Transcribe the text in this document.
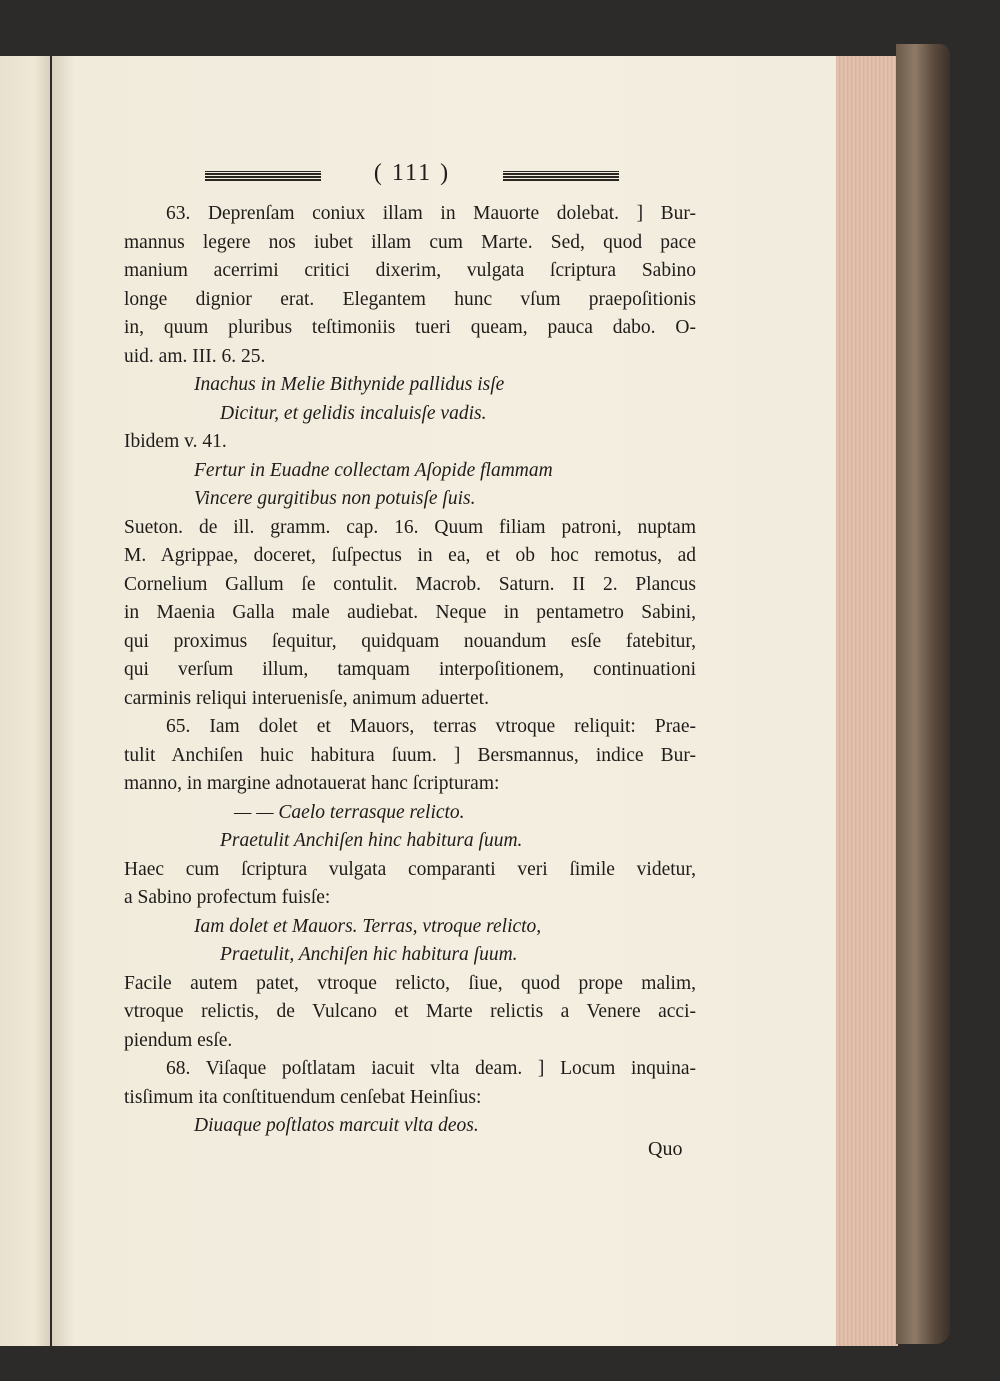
( 111 )
63. Deprenſam coniux illam in Mauorte dolebat. ] Bur-
mannus legere nos iubet illam cum Marte. Sed, quod pace
manium acerrimi critici dixerim, vulgata ſcriptura Sabino
longe dignior erat. Elegantem hunc vſum praepoſitionis
in, quum pluribus teſtimoniis tueri queam, pauca dabo. O-
uid. am. III. 6. 25.
Inachus in Melie Bithynide pallidus isſe
Dicitur, et gelidis incaluisſe vadis.
Ibidem v. 41.
Fertur in Euadne collectam Aſopide flammam
Vincere gurgitibus non potuisſe ſuis.
Sueton. de ill. gramm. cap. 16. Quum filiam patroni, nuptam
M. Agrippae, doceret, ſuſpectus in ea, et ob hoc remotus, ad
Cornelium Gallum ſe contulit. Macrob. Saturn. II 2. Plancus
in Maenia Galla male audiebat. Neque in pentametro Sabini,
qui proximus ſequitur, quidquam nouandum esſe fatebitur,
qui verſum illum, tamquam interpoſitionem, continuationi
carminis reliqui interuenisſe, animum aduertet.
65. Iam dolet et Mauors, terras vtroque reliquit: Prae-
tulit Anchiſen huic habitura ſuum. ] Bersmannus, indice Bur-
manno, in margine adnotauerat hanc ſcripturam:
— — Caelo terrasque relicto.
Praetulit Anchiſen hinc habitura ſuum.
Haec cum ſcriptura vulgata comparanti veri ſimile videtur,
a Sabino profectum fuisſe:
Iam dolet et Mauors. Terras, vtroque relicto,
Praetulit, Anchiſen hic habitura ſuum.
Facile autem patet, vtroque relicto, ſiue, quod prope malim,
vtroque relictis, de Vulcano et Marte relictis a Venere acci-
piendum esſe.
68. Viſaque poſtlatam iacuit vlta deam. ] Locum inquina-
tisſimum ita conſtituendum cenſebat Heinſius:
Diuaque poſtlatos marcuit vlta deos.
Quo
